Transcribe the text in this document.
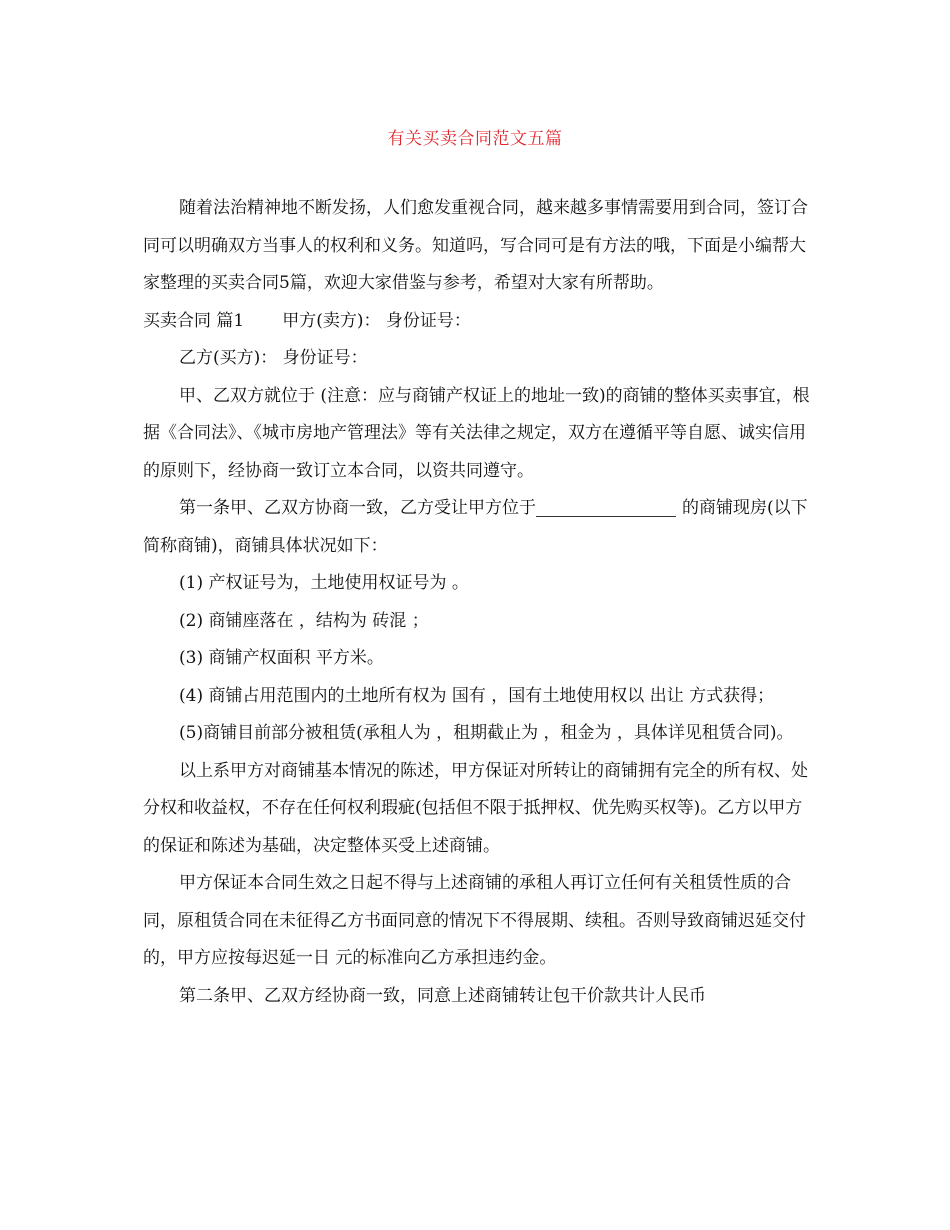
有关买卖合同范文五篇

随着法治精神地不断发扬，人们愈发重视合同，越来越多事情需要用到合同，签订合同可以明确双方当事人的权利和义务。知道吗，写合同可是有方法的哦，下面是小编帮大家整理的买卖合同5篇，欢迎大家借鉴与参考，希望对大家有所帮助。

买卖合同 篇1 甲方(卖方)： 身份证号：

乙方(买方)： 身份证号：

甲、乙双方就位于 (注意：应与商铺产权证上的地址一致)的商铺的整体买卖事宜，根据《合同法》、《城市房地产管理法》等有关法律之规定，双方在遵循平等自愿、诚实信用的原则下，经协商一致订立本合同，以资共同遵守。

第一条甲、乙双方协商一致，乙方受让甲方位于	的商铺现房(以下简称商铺)，商铺具体状况如下：

(1) 产权证号为，土地使用权证号为 。

(2) 商铺座落在 ，结构为 砖混 ；

(3) 商铺产权面积 平方米。

(4) 商铺占用范围内的土地所有权为 国有 ，国有土地使用权以 出让 方式获得；

(5)商铺目前部分被租赁(承租人为 ，租期截止为 ，租金为 ，具体详见租赁合同)。

以上系甲方对商铺基本情况的陈述，甲方保证对所转让的商铺拥有完全的所有权、处分权和收益权，不存在任何权利瑕疵(包括但不限于抵押权、优先购买权等)。乙方以甲方的保证和陈述为基础，决定整体买受上述商铺。

甲方保证本合同生效之日起不得与上述商铺的承租人再订立任何有关租赁性质的合同，原租赁合同在未征得乙方书面同意的情况下不得展期、续租。否则导致商铺迟延交付的，甲方应按每迟延一日 元的标准向乙方承担违约金。

第二条甲、乙双方经协商一致，同意上述商铺转让包干价款共计人民币
